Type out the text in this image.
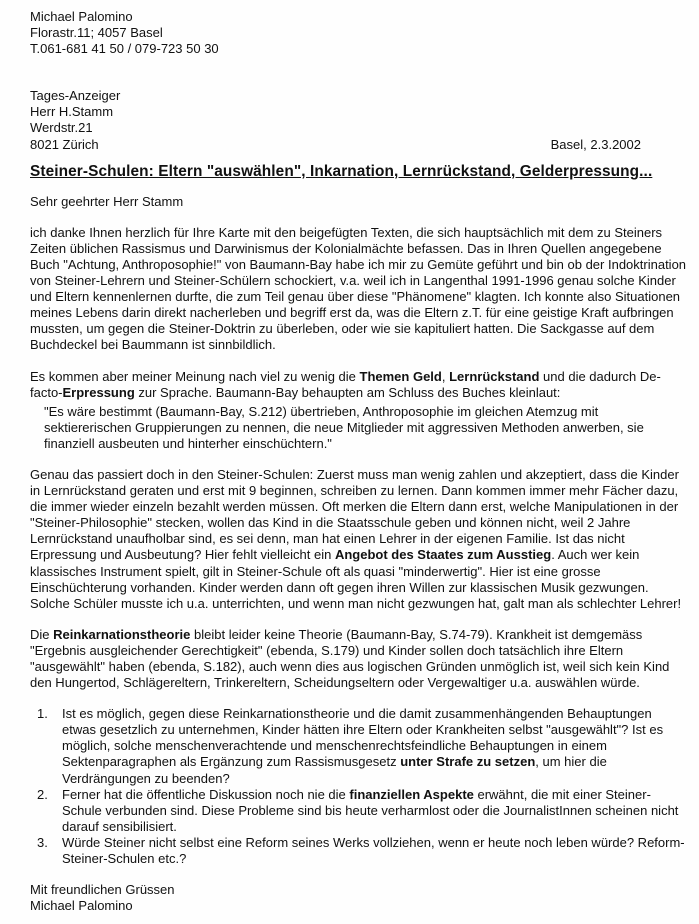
Michael Palomino
Florastr.11; 4057 Basel
T.061-681 41 50 / 079-723 50 30
Tages-Anzeiger
Herr H.Stamm
Werdstr.21
8021 Zürich	Basel, 2.3.2002
Steiner-Schulen: Eltern "auswählen", Inkarnation, Lernrückstand, Gelderpressung...

Sehr geehrter Herr Stamm

ich danke Ihnen herzlich für Ihre Karte mit den beigefügten Texten, die sich hauptsächlich mit dem zu Steiners Zeiten üblichen Rassismus und Darwinismus der Kolonialmächte befassen. Das in Ihren Quellen angegebene Buch "Achtung, Anthroposophie!" von Baumann-Bay habe ich mir zu Gemüte geführt und bin ob der Indoktrination von Steiner-Lehrern und Steiner-Schülern schockiert, v.a. weil ich in Langenthal 1991-1996 genau solche Kinder und Eltern kennenlernen durfte, die zum Teil genau über diese "Phänomene" klagten. Ich konnte also Situationen meines Lebens darin direkt nacherleben und begriff erst da, was die Eltern z.T. für eine geistige Kraft aufbringen mussten, um gegen die Steiner-Doktrin zu überleben, oder wie sie kapituliert hatten. Die Sackgasse auf dem Buchdeckel bei Baummann ist sinnbildlich.

Es kommen aber meiner Meinung nach viel zu wenig die Themen Geld, Lernrückstand und die dadurch De-facto-Erpressung zur Sprache. Baumann-Bay behaupten am Schluss des Buches kleinlaut:

"Es wäre bestimmt (Baumann-Bay, S.212) übertrieben, Anthroposophie im gleichen Atemzug mit sektiererischen Gruppierungen zu nennen, die neue Mitglieder mit aggressiven Methoden anwerben, sie finanziell ausbeuten und hinterher einschüchtern."

Genau das passiert doch in den Steiner-Schulen: Zuerst muss man wenig zahlen und akzeptiert, dass die Kinder in Lernrückstand geraten und erst mit 9 beginnen, schreiben zu lernen. Dann kommen immer mehr Fächer dazu, die immer wieder einzeln bezahlt werden müssen. Oft merken die Eltern dann erst, welche Manipulationen in der "Steiner-Philosophie" stecken, wollen das Kind in die Staatsschule geben und können nicht, weil 2 Jahre Lernrückstand unaufholbar sind, es sei denn, man hat einen Lehrer in der eigenen Familie. Ist das nicht Erpressung und Ausbeutung? Hier fehlt vielleicht ein Angebot des Staates zum Ausstieg. Auch wer kein klassisches Instrument spielt, gilt in Steiner-Schule oft als quasi "minderwertig". Hier ist eine grosse Einschüchterung vorhanden. Kinder werden dann oft gegen ihren Willen zur klassischen Musik gezwungen. Solche Schüler musste ich u.a. unterrichten, und wenn man nicht gezwungen hat, galt man als schlechter Lehrer!

Die Reinkarnationstheorie bleibt leider keine Theorie (Baumann-Bay, S.74-79). Krankheit ist demgemäss "Ergebnis ausgleichender Gerechtigkeit" (ebenda, S.179) und Kinder sollen doch tatsächlich ihre Eltern "ausgewählt" haben (ebenda, S.182), auch wenn dies aus logischen Gründen unmöglich ist, weil sich kein Kind den Hungertod, Schlägereltern, Trinkereltern, Scheidungseltern oder Vergewaltiger u.a. auswählen würde.

1.	Ist es möglich, gegen diese Reinkarnationstheorie und die damit zusammenhängenden Behauptungen etwas gesetzlich zu unternehmen, Kinder hätten ihre Eltern oder Krankheiten selbst "ausgewählt"? Ist es möglich, solche menschenverachtende und menschenrechtsfeindliche Behauptungen in einem Sektenparagraphen als Ergänzung zum Rassismusgesetz unter Strafe zu setzen, um hier die Verdrängungen zu beenden?
2.	Ferner hat die öffentliche Diskussion noch nie die finanziellen Aspekte erwähnt, die mit einer Steiner-Schule verbunden sind. Diese Probleme sind bis heute verharmlost oder die JournalistInnen scheinen nicht darauf sensibilisiert.
3.	Würde Steiner nicht selbst eine Reform seines Werks vollziehen, wenn er heute noch leben würde? Reform-Steiner-Schulen etc.?
Mit freundlichen Grüssen
Michael Palomino
